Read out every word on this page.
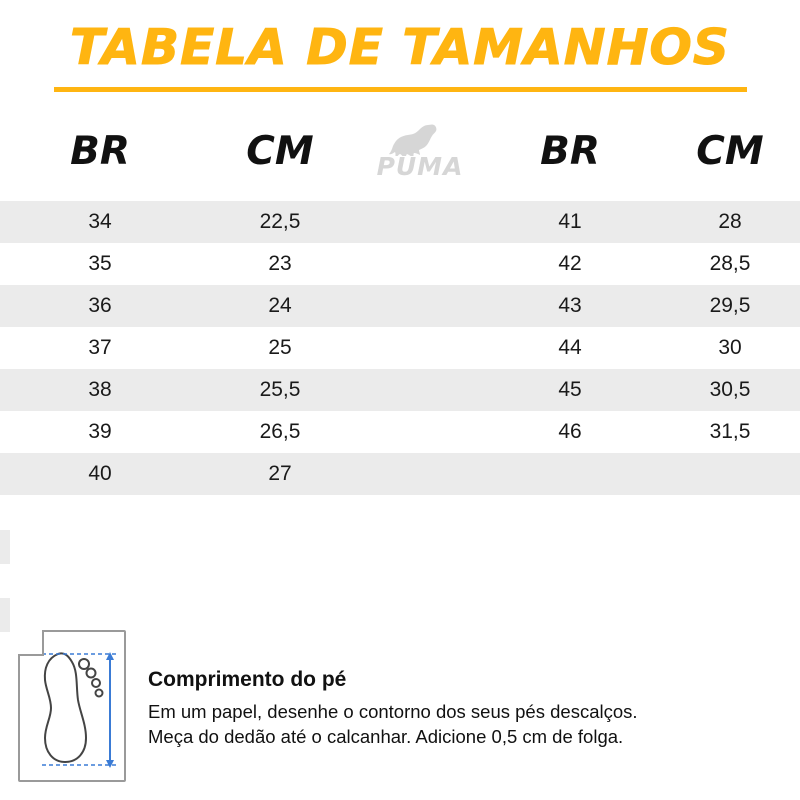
TABELA DE TAMANHOS
BR	CM	PUMA	BR	CM
34	22,5		41	28
35	23		42	28,5
36	24		43	29,5
37	25		44	30
38	25,5		45	30,5
39	26,5		46	31,5
40	27			
Comprimento do pé
Em um papel, desenhe o contorno dos seus pés descalços.
Meça do dedão até o calcanhar. Adicione 0,5 cm de folga.
